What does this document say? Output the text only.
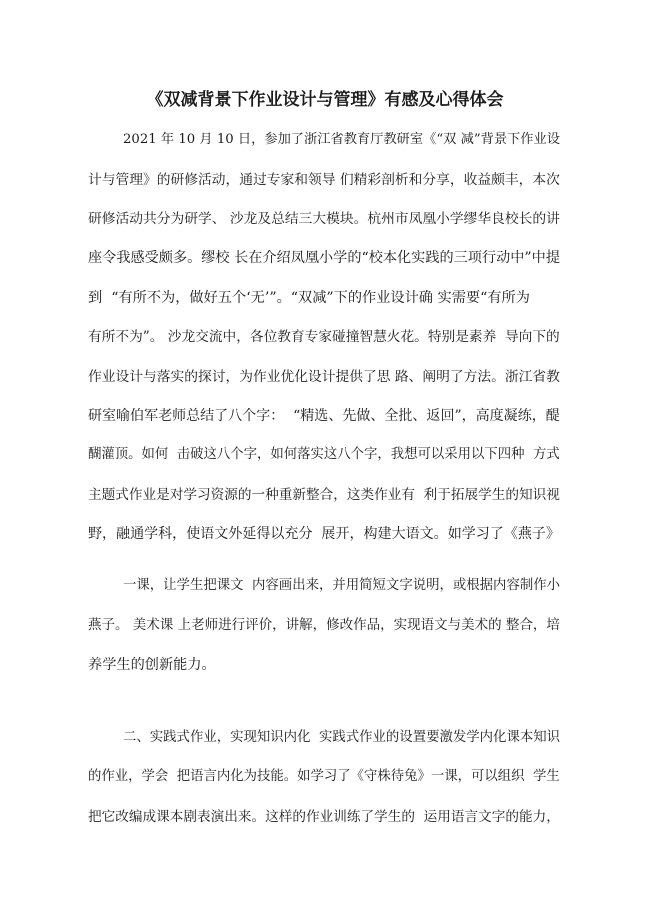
《双减背景下作业设计与管理》有感及心得体会
2021 年 10 月 10 日，参加了浙江省教育厅教研室《“双 减”背景下作业设
计与管理》的研修活动，通过专家和领导 们精彩剖析和分享，收益颇丰，本次
研修活动共分为研学、 沙龙及总结三大模块。杭州市凤凰小学缪华良校长的讲
座令我感受颇多。缪校 长在介绍凤凰小学的“校本化实践的三项行动中”中提
到  “有所不为，做好五个‘无’”。“双减”下的作业设计确 实需要“有所为
有所不为”。 沙龙交流中，各位教育专家碰撞智慧火花。特别是素养  导向下的
作业设计与落实的探讨，为作业优化设计提供了思 路、阐明了方法。浙江省教
研室喻伯军老师总结了八个字：  “精选、先做、全批、返回”，高度凝练，醍
醐灌顶。如何  击破这八个字，如何落实这八个字，我想可以采用以下四种  方式
主题式作业是对学习资源的一种重新整合，这类作业有  利于拓展学生的知识视
野，融通学科，使语文外延得以充分  展开，构建大语文。如学习了《燕子》
一课，让学生把课文  内容画出来，并用简短文字说明，或根据内容制作小
燕子。 美术课 上老师进行评价，讲解，修改作品，实现语文与美术的 整合，培
养学生的创新能力。
二、实践式作业，实现知识内化  实践式作业的设置要激发学内化课本知识
的作业，学会  把语言内化为技能。如学习了《守株待兔》一课，可以组织  学生
把它改编成课本剧表演出来。这样的作业训练了学生的  运用语言文字的能力，
